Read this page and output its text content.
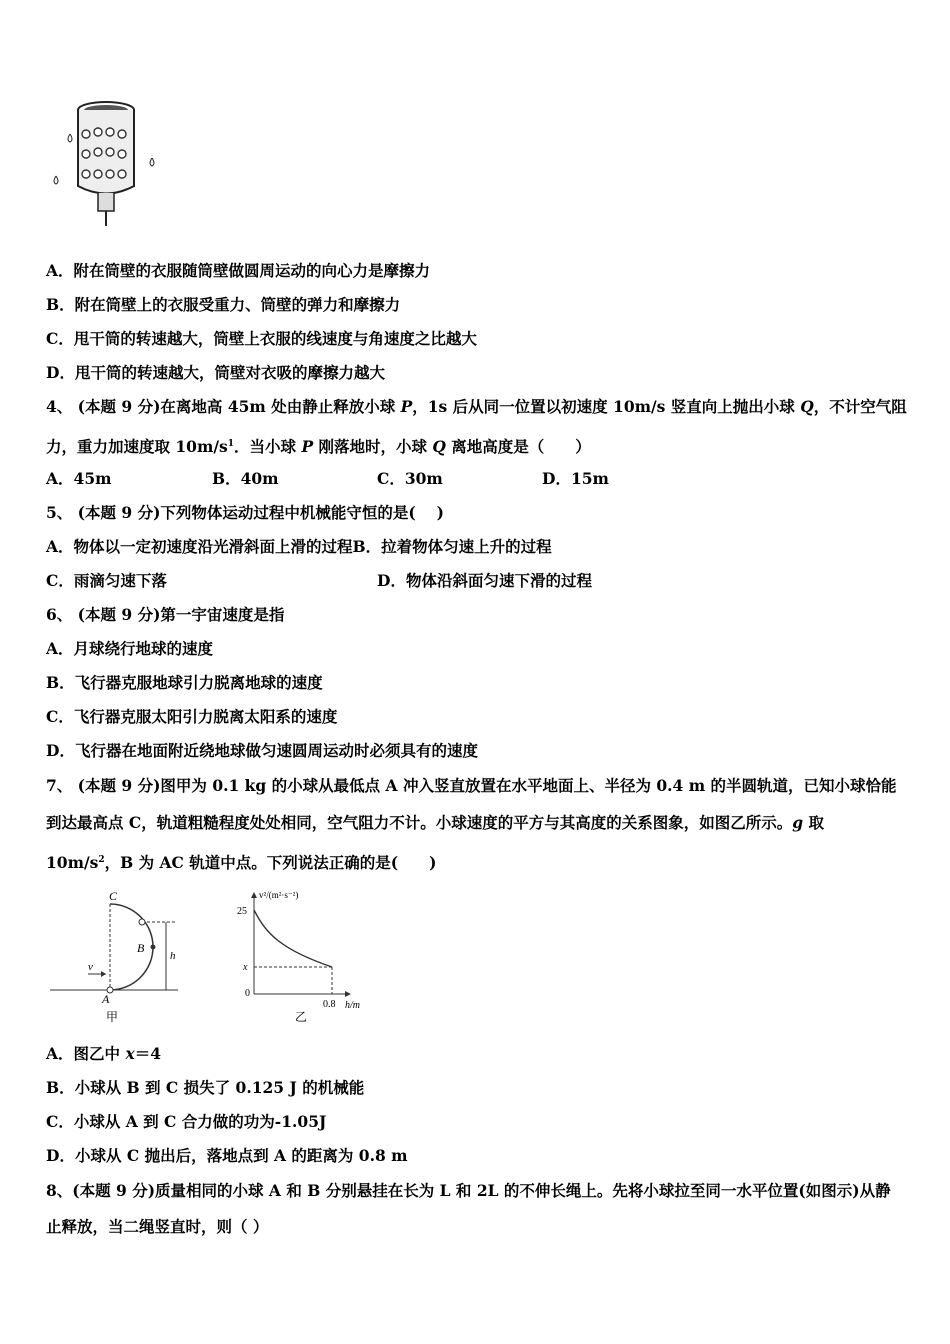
A．附在筒壁的衣服随筒壁做圆周运动的向心力是摩擦力
B．附在筒壁上的衣服受重力、筒壁的弹力和摩擦力
C．甩干筒的转速越大，筒壁上衣服的线速度与角速度之比越大
D．甩干筒的转速越大，筒壁对衣吸的摩擦力越大
4、 (本题 9 分)在离地高 45m 处由静止释放小球 P，1s 后从同一位置以初速度 10m/s 竖直向上抛出小球 Q，不计空气阻
力，重力加速度取 $10m/s^1$．当小球 P 刚落地时，小球 Q 离地高度是（　　）
A．45m	B．40m	C．30m	D．15m
5、 (本题 9 分)下列物体运动过程中机械能守恒的是(　 )
A．物体以一定初速度沿光滑斜面上滑的过程B．拉着物体匀速上升的过程
C．雨滴匀速下落	D．物体沿斜面匀速下滑的过程
6、 (本题 9 分)第一宇宙速度是指
A．月球绕行地球的速度
B．飞行器克服地球引力脱离地球的速度
C．飞行器克服太阳引力脱离太阳系的速度
D．飞行器在地面附近绕地球做匀速圆周运动时必须具有的速度
7、 (本题 9 分)图甲为 0.1 kg 的小球从最低点 A 冲入竖直放置在水平地面上、半径为 0.4 m 的半圆轨道，已知小球恰能
到达最高点 C，轨道粗糙程度处处相同，空气阻力不计。小球速度的平方与其高度的关系图象，如图乙所示。g 取
$10m/s^2$，B 为 AC 轨道中点。下列说法正确的是(　　)
C
B
A
v
h
甲
v²/(m²·s⁻²)
25
x
0
0.8 h/m
乙
A．图乙中 x＝4
B．小球从 B 到 C 损失了 0.125 J 的机械能
C．小球从 A 到 C 合力做的功为-1.05J
D．小球从 C 抛出后，落地点到 A 的距离为 0.8 m
8、(本题 9 分)质量相同的小球 A 和 B 分别悬挂在长为 L 和 2L 的不伸长绳上。先将小球拉至同一水平位置(如图示)从静
止释放，当二绳竖直时，则（ ）
